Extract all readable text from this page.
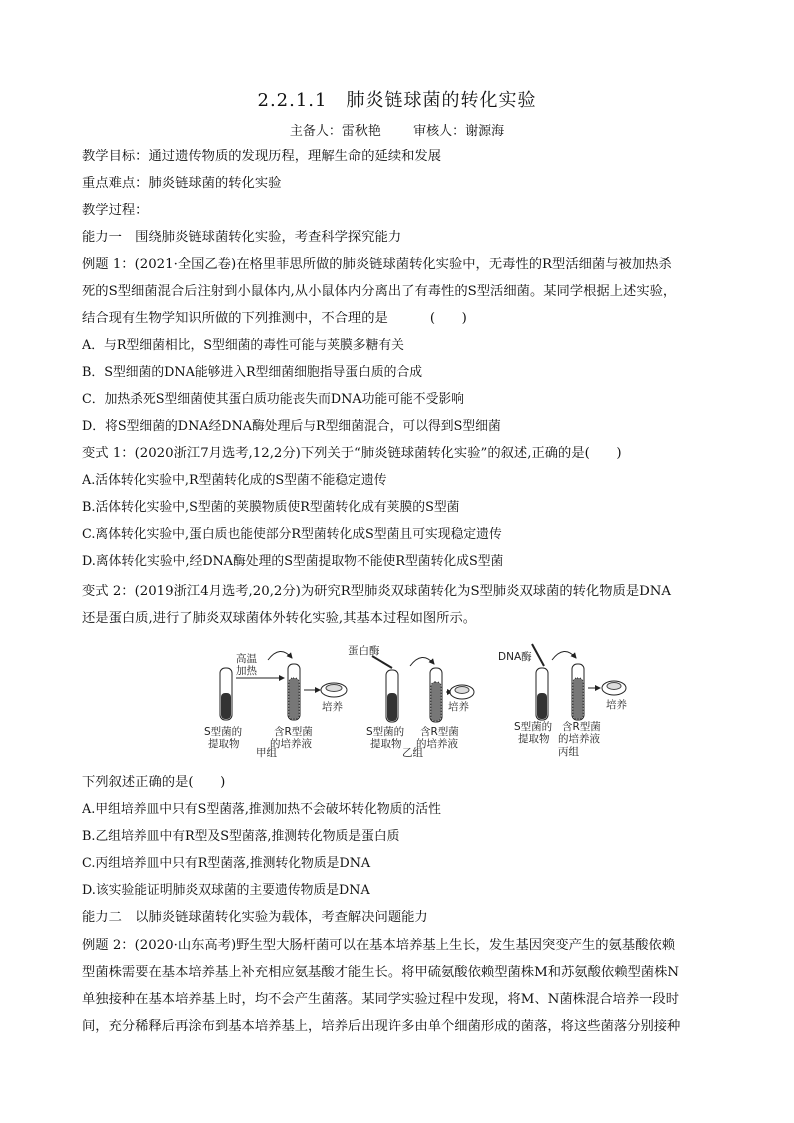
2.2.1.1　肺炎链球菌的转化实验
主备人：雷秋艳 审核人：谢源海
教学目标：通过遗传物质的发现历程，理解生命的延续和发展
重点难点：肺炎链球菌的转化实验
教学过程：
能力一　围绕肺炎链球菌转化实验，考查科学探究能力
例题 1：(2021·全国乙卷)在格里菲思所做的肺炎链球菌转化实验中，无毒性的R型活细菌与被加热杀
死的S型细菌混合后注射到小鼠体内,从小鼠体内分离出了有毒性的S型活细菌。某同学根据上述实验，
结合现有生物学知识所做的下列推测中，不合理的是	(　　)
A．与R型细菌相比，S型细菌的毒性可能与荚膜多糖有关
B．S型细菌的DNA能够进入R型细菌细胞指导蛋白质的合成
C．加热杀死S型细菌使其蛋白质功能丧失而DNA功能可能不受影响
D．将S型细菌的DNA经DNA酶处理后与R型细菌混合，可以得到S型细菌
变式 1：(2020浙江7月选考,12,2分)下列关于“肺炎链球菌转化实验”的叙述,正确的是(　　)
A.活体转化实验中,R型菌转化成的S型菌不能稳定遗传
B.活体转化实验中,S型菌的荚膜物质使R型菌转化成有荚膜的S型菌
C.离体转化实验中,蛋白质也能使部分R型菌转化成S型菌且可实现稳定遗传
D.离体转化实验中,经DNA酶处理的S型菌提取物不能使R型菌转化成S型菌
变式 2：(2019浙江4月选考,20,2分)为研究R型肺炎双球菌转化为S型肺炎双球菌的转化物质是DNA
还是蛋白质,进行了肺炎双球菌体外转化实验,其基本过程如图所示。
高温
加热
培养
S型菌的
提取物
含R型菌
的培养液
甲组
蛋白酶
培养
S型菌的
提取物
含R型菌
的培养液
乙组
DNA酶
培养
S型菌的
提取物
含R型菌
的培养液
丙组
下列叙述正确的是(　　)
A.甲组培养皿中只有S型菌落,推测加热不会破坏转化物质的活性
B.乙组培养皿中有R型及S型菌落,推测转化物质是蛋白质
C.丙组培养皿中只有R型菌落,推测转化物质是DNA
D.该实验能证明肺炎双球菌的主要遗传物质是DNA
能力二　以肺炎链球菌转化实验为载体，考查解决问题能力
例题 2：(2020·山东高考)野生型大肠杆菌可以在基本培养基上生长，发生基因突变产生的氨基酸依赖
型菌株需要在基本培养基上补充相应氨基酸才能生长。将甲硫氨酸依赖型菌株M和苏氨酸依赖型菌株N
单独接种在基本培养基上时，均不会产生菌落。某同学实验过程中发现，将M、N菌株混合培养一段时
间，充分稀释后再涂布到基本培养基上，培养后出现许多由单个细菌形成的菌落，将这些菌落分别接种
